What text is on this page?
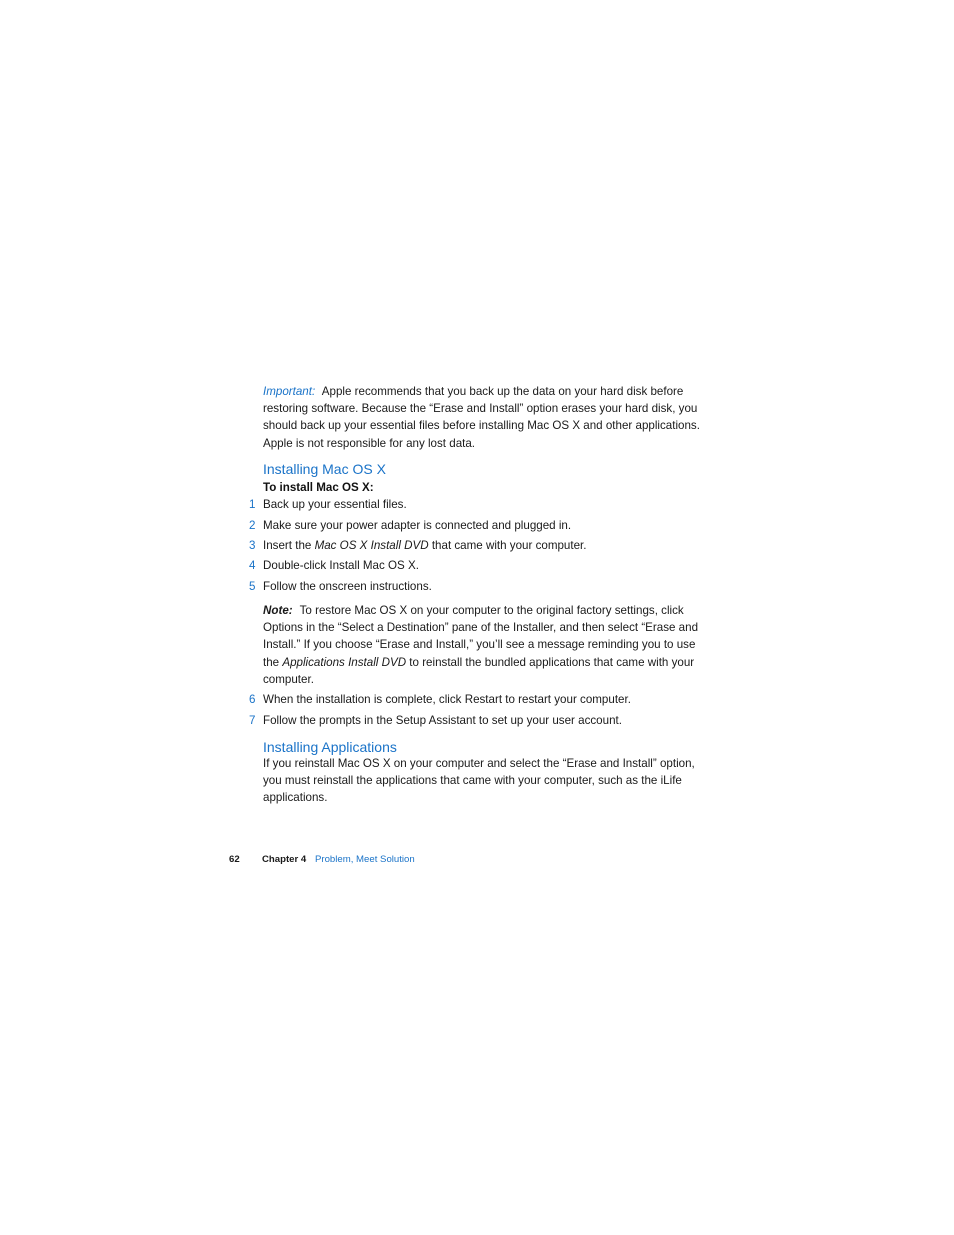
Important: Apple recommends that you back up the data on your hard disk before restoring software. Because the “Erase and Install” option erases your hard disk, you should back up your essential files before installing Mac OS X and other applications. Apple is not responsible for any lost data.
Installing Mac OS X
To install Mac OS X:
1 Back up your essential files.
2 Make sure your power adapter is connected and plugged in.
3 Insert the Mac OS X Install DVD that came with your computer.
4 Double-click Install Mac OS X.
5 Follow the onscreen instructions.
Note: To restore Mac OS X on your computer to the original factory settings, click Options in the “Select a Destination” pane of the Installer, and then select “Erase and Install.” If you choose “Erase and Install,” you’ll see a message reminding you to use the Applications Install DVD to reinstall the bundled applications that came with your computer.
6 When the installation is complete, click Restart to restart your computer.
7 Follow the prompts in the Setup Assistant to set up your user account.
Installing Applications
If you reinstall Mac OS X on your computer and select the “Erase and Install” option, you must reinstall the applications that came with your computer, such as the iLife applications.
62 Chapter 4 Problem, Meet Solution
